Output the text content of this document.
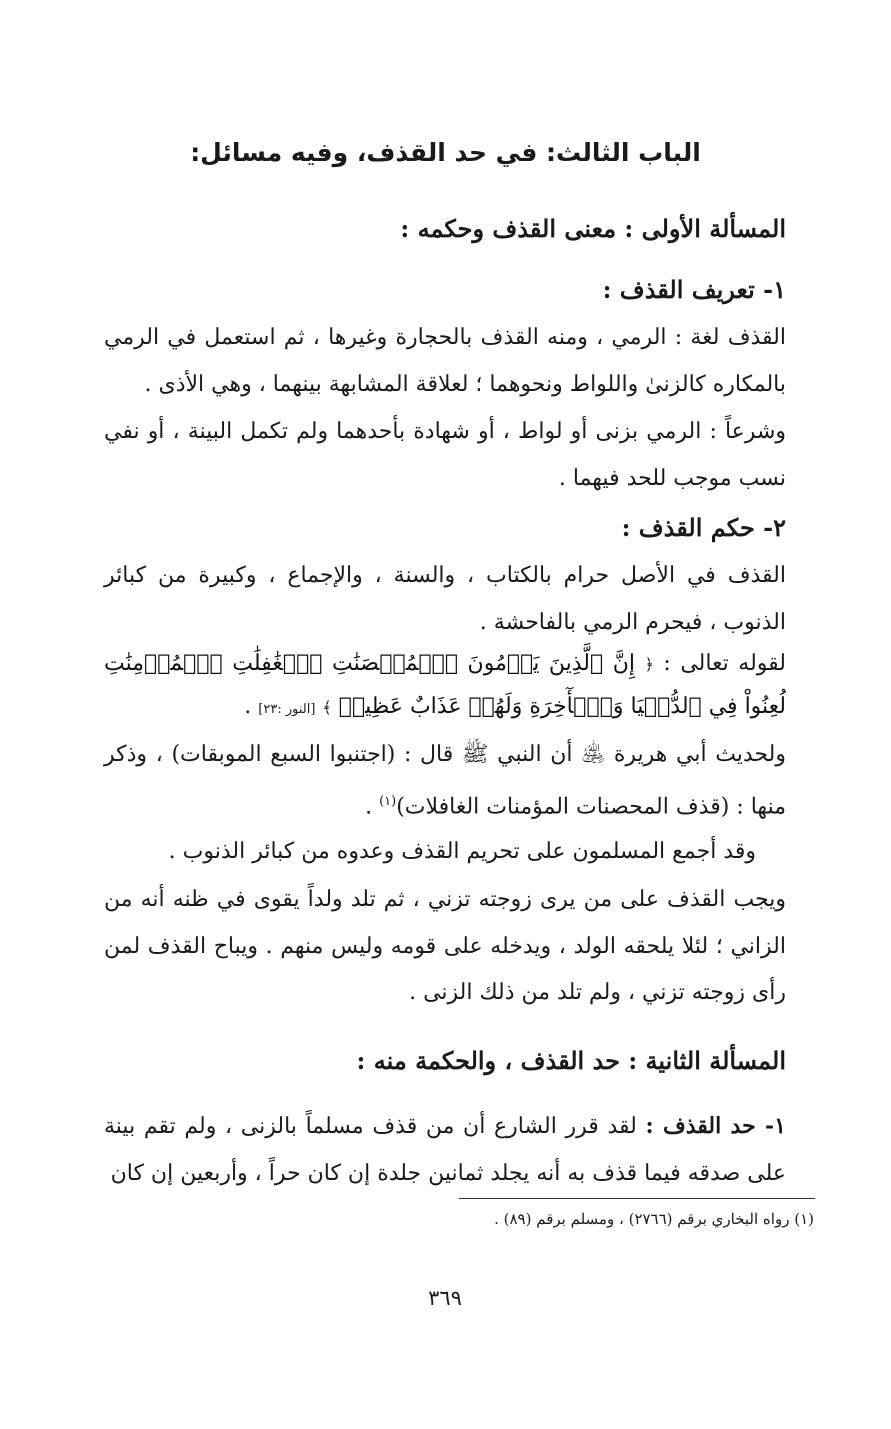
الباب الثالث: في حد القذف، وفيه مسائل:
المسألة الأولى : معنى القذف وحكمه :
١- تعريف القذف :

القذف لغة : الرمي ، ومنه القذف بالحجارة وغيرها ، ثم استعمل في الرمي بالمكاره كالزنىٰ واللواط ونحوهما ؛ لعلاقة المشابهة بينهما ، وهي الأذى .

وشرعاً : الرمي بزنى أو لواط ، أو شهادة بأحدهما ولم تكمل البينة ، أو نفي نسب موجب للحد فيهما .

٢- حكم القذف :

القذف في الأصل حرام بالكتاب ، والسنة ، والإجماع ، وكبيرة من كبائر الذنوب ، فيحرم الرمي بالفاحشة .

لقوله تعالى : ﴿ إِنَّ ٱلَّذِينَ يَرۡمُونَ ٱلۡمُحۡصَنَٰتِ ٱلۡغَٰفِلَٰتِ ٱلۡمُؤۡمِنَٰتِ لُعِنُواْ فِي ٱلدُّنۡيَا وَٱلۡأٓخِرَةِ وَلَهُمۡ عَذَابٌ عَظِيمٞ ﴾ [النور :٢٣] .

ولحديث أبي هريرة ﵁ أن النبي ﷺ قال : (اجتنبوا السبع الموبقات) ، وذكر منها : (قذف المحصنات المؤمنات الغافلات)$^{(١)}$ .

وقد أجمع المسلمون على تحريم القذف وعدوه من كبائر الذنوب .

ويجب القذف على من يرى زوجته تزني ، ثم تلد ولداً يقوى في ظنه أنه من الزاني ؛ لئلا يلحقه الولد ، ويدخله على قومه وليس منهم . ويباح القذف لمن رأى زوجته تزني ، ولم تلد من ذلك الزنى .

المسألة الثانية : حد القذف ، والحكمة منه :

١- حد القذف : لقد قرر الشارع أن من قذف مسلماً بالزنى ، ولم تقم بينة على صدقه فيما قذف به أنه يجلد ثمانين جلدة إن كان حراً ، وأربعين إن كان

(١) رواه البخاري برقم (٢٧٦٦) ، ومسلم برقم (٨٩) .
٣٦٩
